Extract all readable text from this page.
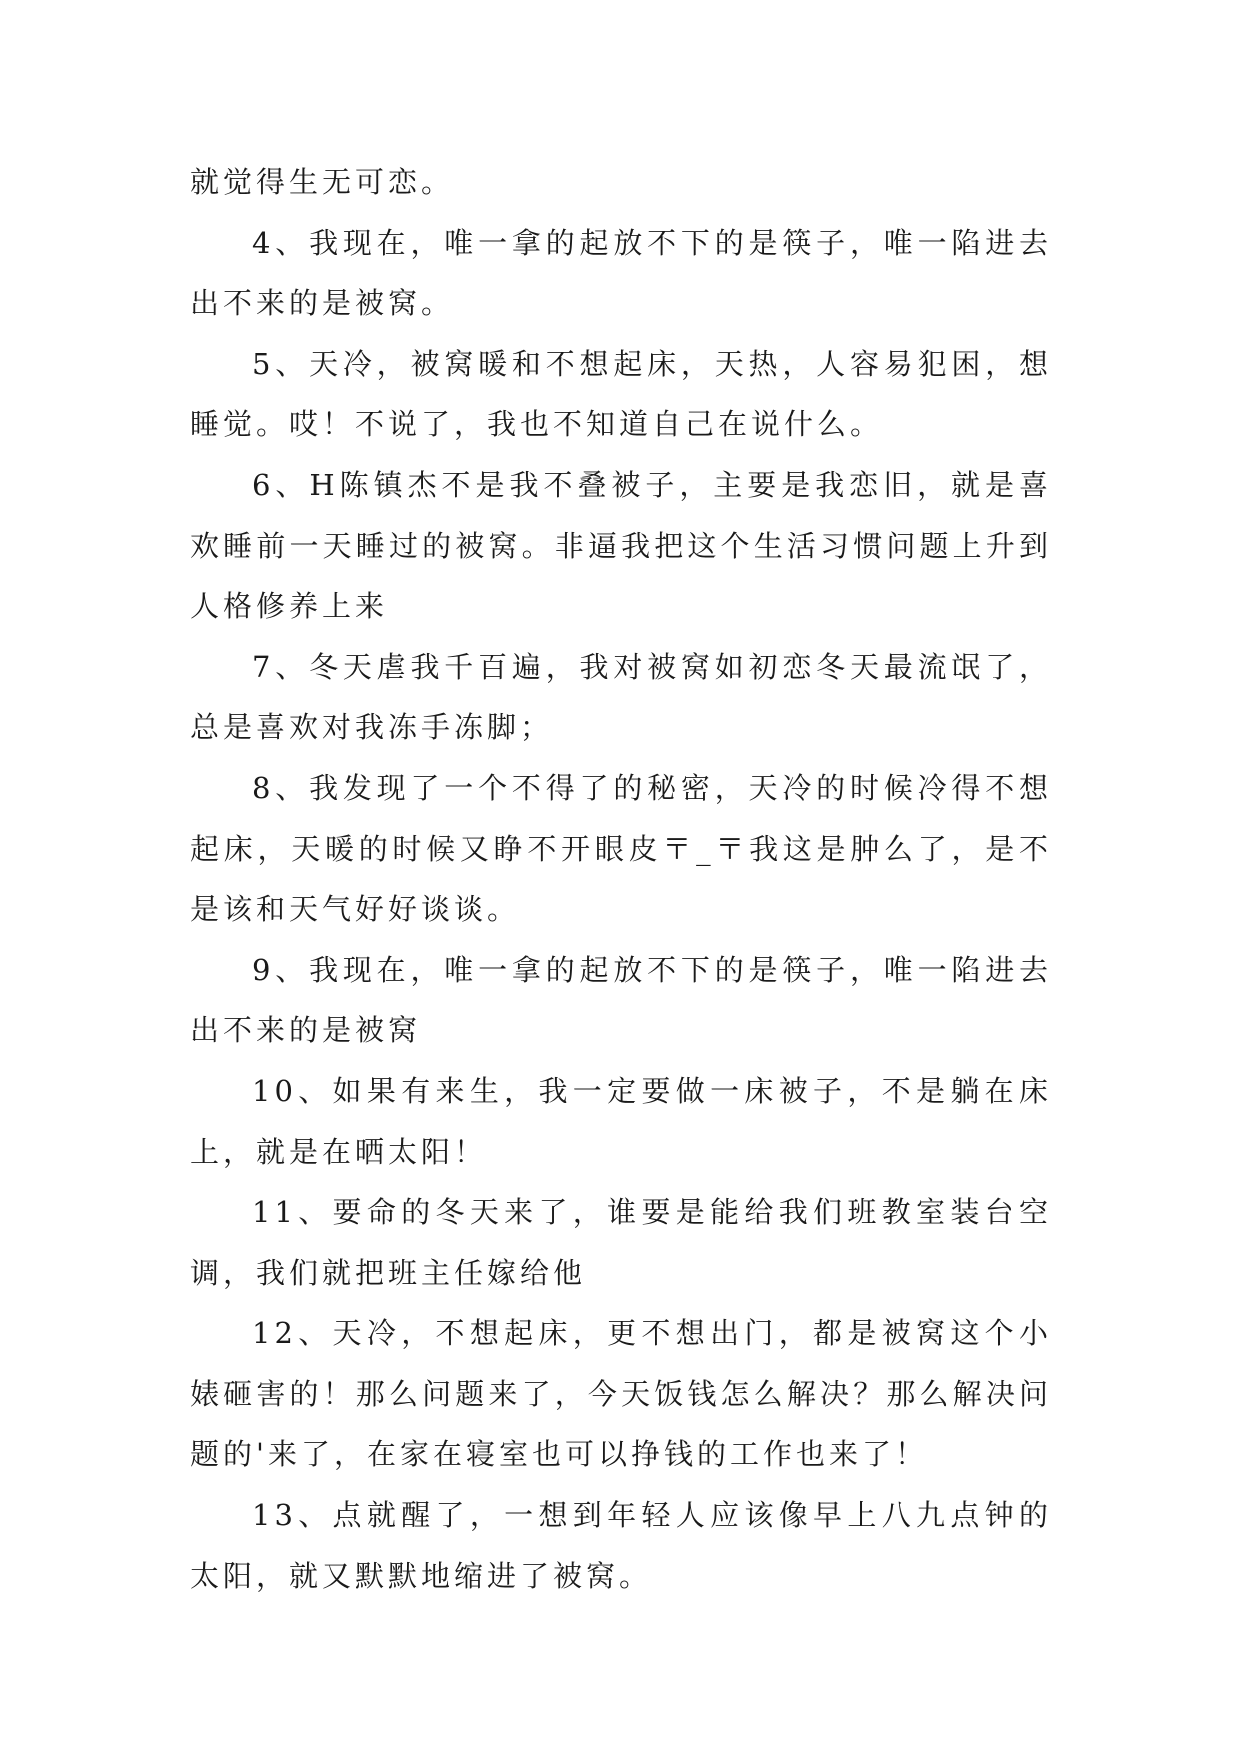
就觉得生无可恋。

4、我现在，唯一拿的起放不下的是筷子，唯一陷进去出不来的是被窝。

5、天冷，被窝暖和不想起床，天热，人容易犯困，想睡觉。哎！不说了，我也不知道自己在说什么。

6、H陈镇杰不是我不叠被子，主要是我恋旧，就是喜欢睡前一天睡过的被窝。非逼我把这个生活习惯问题上升到人格修养上来

7、冬天虐我千百遍，我对被窝如初恋冬天最流氓了，总是喜欢对我冻手冻脚；

8、我发现了一个不得了的秘密，天冷的时候冷得不想起床，天暖的时候又睁不开眼皮〒_〒我这是肿么了，是不是该和天气好好谈谈。

9、我现在，唯一拿的起放不下的是筷子，唯一陷进去出不来的是被窝

10、如果有来生，我一定要做一床被子，不是躺在床上，就是在晒太阳！

11、要命的冬天来了，谁要是能给我们班教室装台空调，我们就把班主任嫁给他

12、天冷，不想起床，更不想出门，都是被窝这个小婊砸害的！那么问题来了，今天饭钱怎么解决？那么解决问题的'来了，在家在寝室也可以挣钱的工作也来了！

13、点就醒了，一想到年轻人应该像早上八九点钟的太阳，就又默默地缩进了被窝。
